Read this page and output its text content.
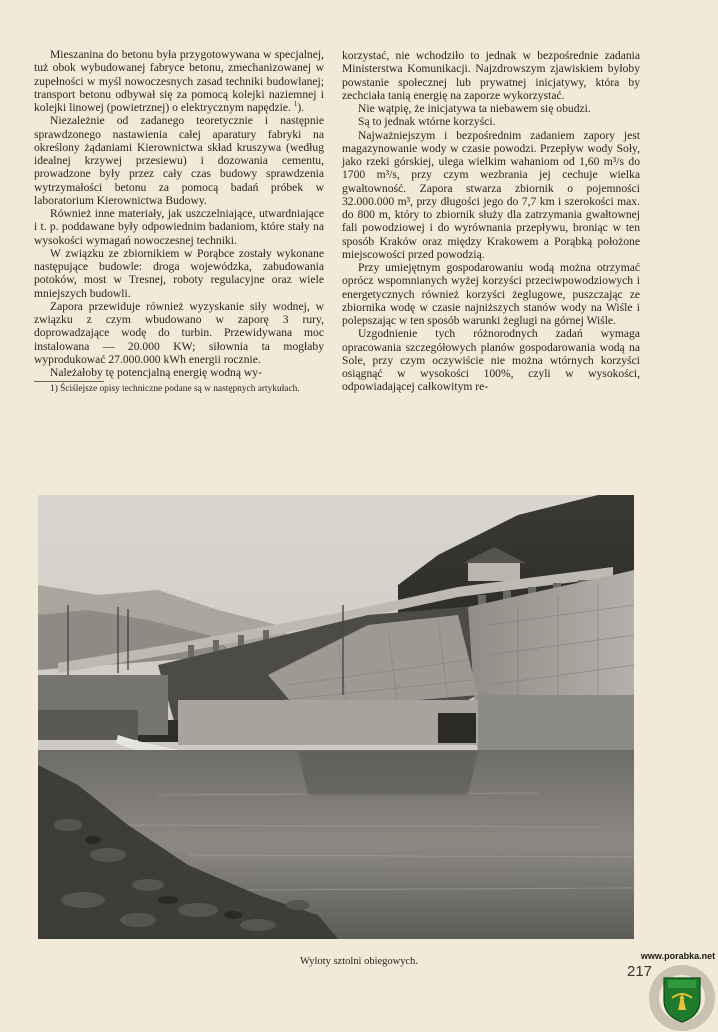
Mieszanina do betonu była przygotowywana w specjalnej, tuż obok wybudowanej fabryce betonu, zmechanizowanej w zupełności w myśl nowoczesnych zasad techniki budowlanej; transport betonu odbywał się za pomocą kolejki naziemnej i kolejki linowej (powietrznej) o elektrycznym napędzie. $^1$).

Niezależnie od zadanego teoretycznie i następnie sprawdzonego nastawienia całej aparatury fabryki na określony żądaniami Kierownictwa skład kruszywa (według idealnej krzywej przesiewu) i dozowania cementu, prowadzone były przez cały czas budowy sprawdzenia wytrzymałości betonu za pomocą badań próbek w laboratorium Kierownictwa Budowy.

Również inne materiały, jak uszczelniające, utwardniające i t. p. poddawane były odpowiednim badaniom, które stały na wysokości wymagań nowoczesnej techniki.

W związku ze zbiornikiem w Porąbce zostały wykonane następujące budowle: droga wojewódzka, zabudowania potoków, most w Tresnej, roboty regulacyjne oraz wiele mniejszych budowli.

Zapora przewiduje również wyzyskanie siły wodnej, w związku z czym wbudowano w zaporę 3 rury, doprowadzające wodę do turbin. Przewidywana moc instalowana — 20.000 KW; siłownia ta mogłaby wyprodukować 27.000.000 kWh energii rocznie.

Należałoby tę potencjalną energię wodną wy-

1) Ściślejsze opisy techniczne podane są w następnych artykułach.

korzystać, nie wchodziło to jednak w bezpośrednie zadania Ministerstwa Komunikacji. Najzdrowszym zjawiskiem byłoby powstanie społecznej lub prywatnej inicjatywy, która by zechciała tanią energię na zaporze wykorzystać.

Nie wątpię, że inicjatywa ta niebawem się obudzi.

Są to jednak wtórne korzyści.

Najważniejszym i bezpośrednim zadaniem zapory jest magazynowanie wody w czasie powodzi. Przepływ wody Soły, jako rzeki górskiej, ulega wielkim wahaniom od 1,60 m³/s do 1700 m³/s, przy czym wezbrania jej cechuje wielka gwałtowność. Zapora stwarza zbiornik o pojemności 32.000.000 m³, przy długości jego do 7,7 km i szerokości max. do 800 m, który to zbiornik służy dla zatrzymania gwałtownej fali powodziowej i do wyrównania przepływu, broniąc w ten sposób Kraków oraz między Krakowem a Porąbką położone miejscowości przed powodzią.

Przy umiejętnym gospodarowaniu wodą można otrzymać oprócz wspomnianych wyżej korzyści przeciwpowodziowych i energetycznych również korzyści żeglugowe, puszczając ze zbiornika wodę w czasie najniższych stanów wody na Wiśle i polepszając w ten sposób warunki żeglugi na górnej Wiśle.

Uzgodnienie tych różnorodnych zadań wymaga opracowania szczegółowych planów gospodarowania wodą na Sole, przy czym oczywiście nie można wtórnych korzyści osiągnąć w wysokości 100%, czyli w wysokości, odpowiadającej całkowitym re-

Wyloty sztolni obiegowych.
217
www.porabka.net
